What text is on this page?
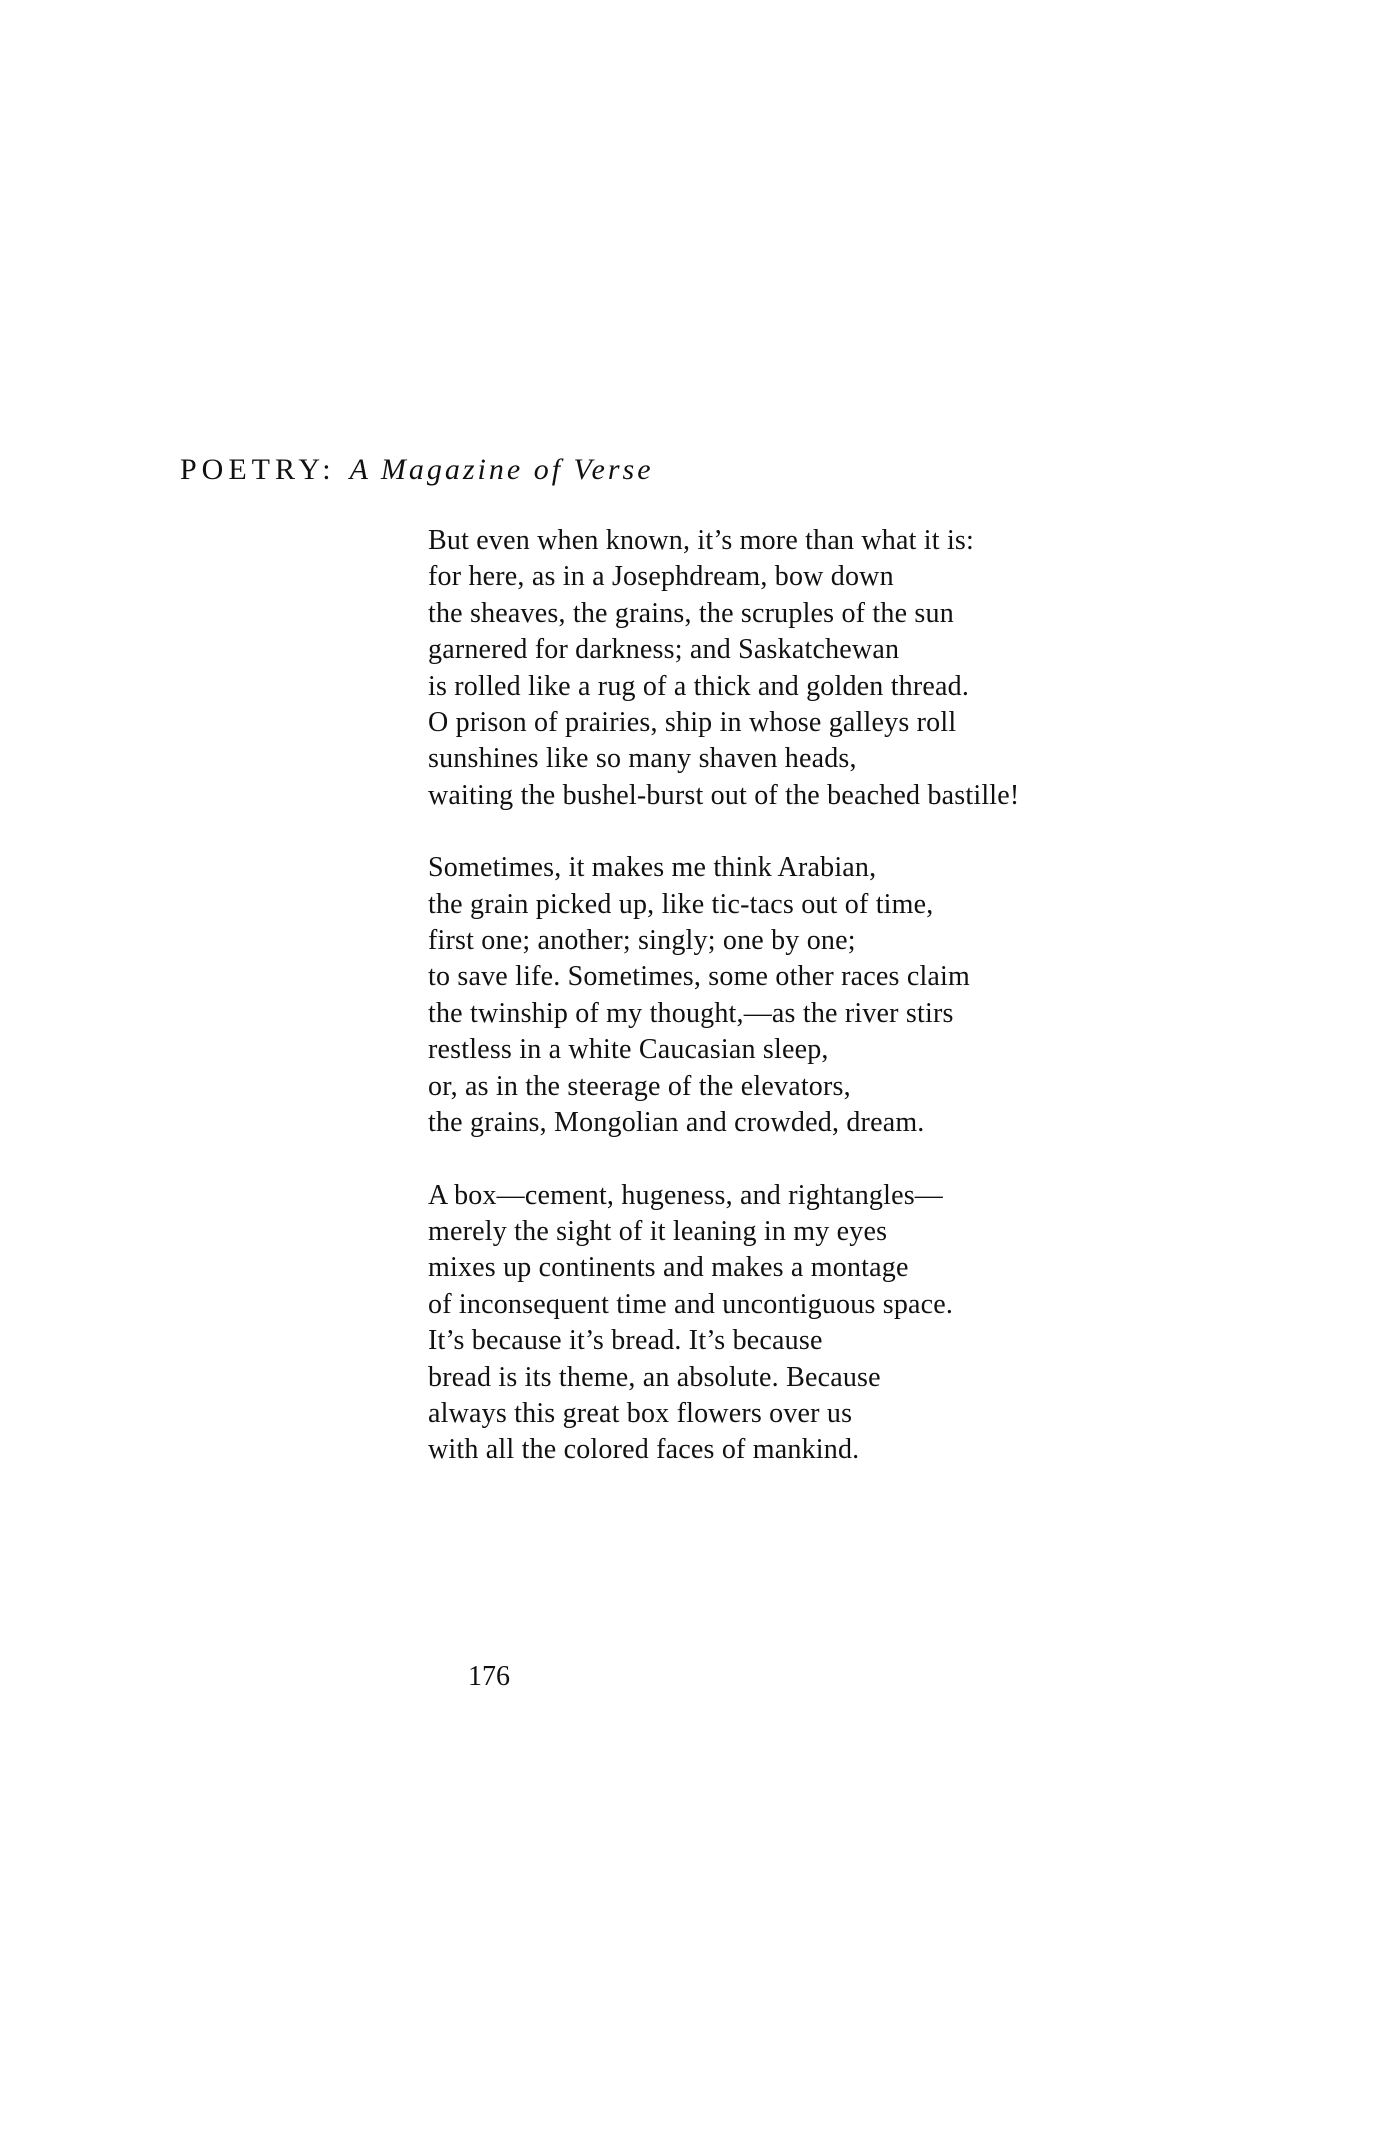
POETRY: A Magazine of Verse
But even when known, it’s more than what it is:
for here, as in a Josephdream, bow down
the sheaves, the grains, the scruples of the sun
garnered for darkness; and Saskatchewan
is rolled like a rug of a thick and golden thread.
O prison of prairies, ship in whose galleys roll
sunshines like so many shaven heads,
waiting the bushel-burst out of the beached bastille!
Sometimes, it makes me think Arabian,
the grain picked up, like tic-tacs out of time,
first one; another; singly; one by one;
to save life. Sometimes, some other races claim
the twinship of my thought,—as the river stirs
restless in a white Caucasian sleep,
or, as in the steerage of the elevators,
the grains, Mongolian and crowded, dream.
A box—cement, hugeness, and rightangles—
merely the sight of it leaning in my eyes
mixes up continents and makes a montage
of inconsequent time and uncontiguous space.
It’s because it’s bread. It’s because
bread is its theme, an absolute. Because
always this great box flowers over us
with all the colored faces of mankind.
176
